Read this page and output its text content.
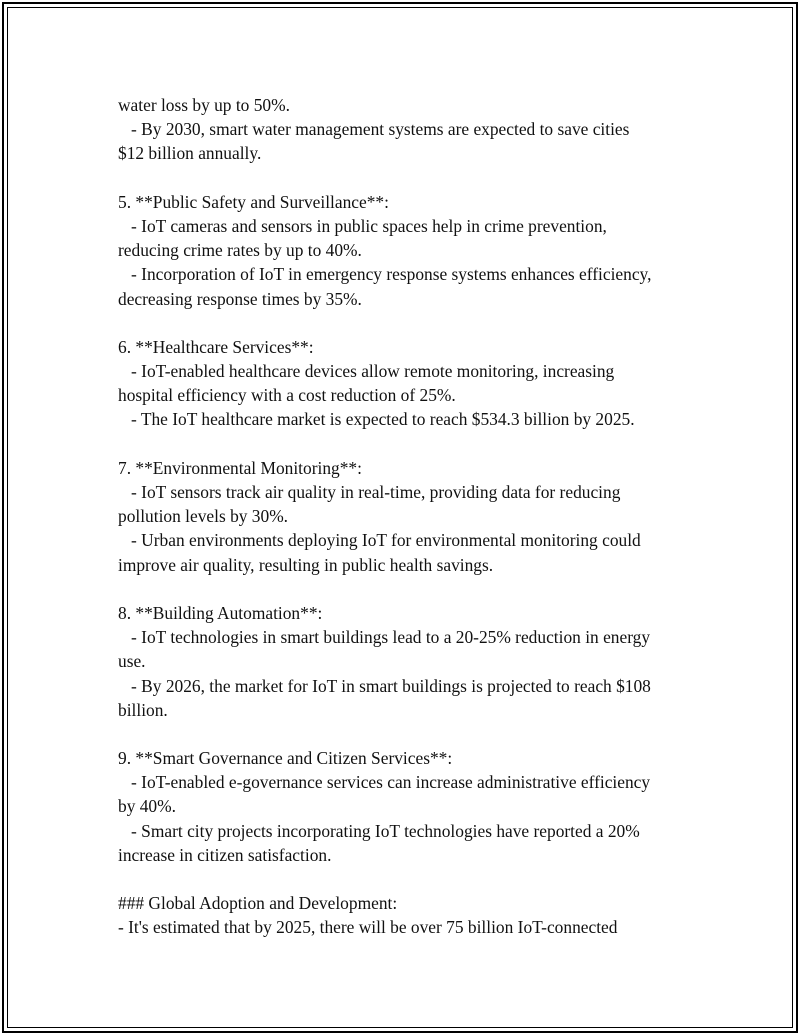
water loss by up to 50%.
- By 2030, smart water management systems are expected to save cities
$12 billion annually.
5. **Public Safety and Surveillance**:
- IoT cameras and sensors in public spaces help in crime prevention,
reducing crime rates by up to 40%.
- Incorporation of IoT in emergency response systems enhances efficiency,
decreasing response times by 35%.
6. **Healthcare Services**:
- IoT-enabled healthcare devices allow remote monitoring, increasing
hospital efficiency with a cost reduction of 25%.
- The IoT healthcare market is expected to reach $534.3 billion by 2025.
7. **Environmental Monitoring**:
- IoT sensors track air quality in real-time, providing data for reducing
pollution levels by 30%.
- Urban environments deploying IoT for environmental monitoring could
improve air quality, resulting in public health savings.
8. **Building Automation**:
- IoT technologies in smart buildings lead to a 20-25% reduction in energy
use.
- By 2026, the market for IoT in smart buildings is projected to reach $108
billion.
9. **Smart Governance and Citizen Services**:
- IoT-enabled e-governance services can increase administrative efficiency
by 40%.
- Smart city projects incorporating IoT technologies have reported a 20%
increase in citizen satisfaction.
### Global Adoption and Development:
- It's estimated that by 2025, there will be over 75 billion IoT-connected
